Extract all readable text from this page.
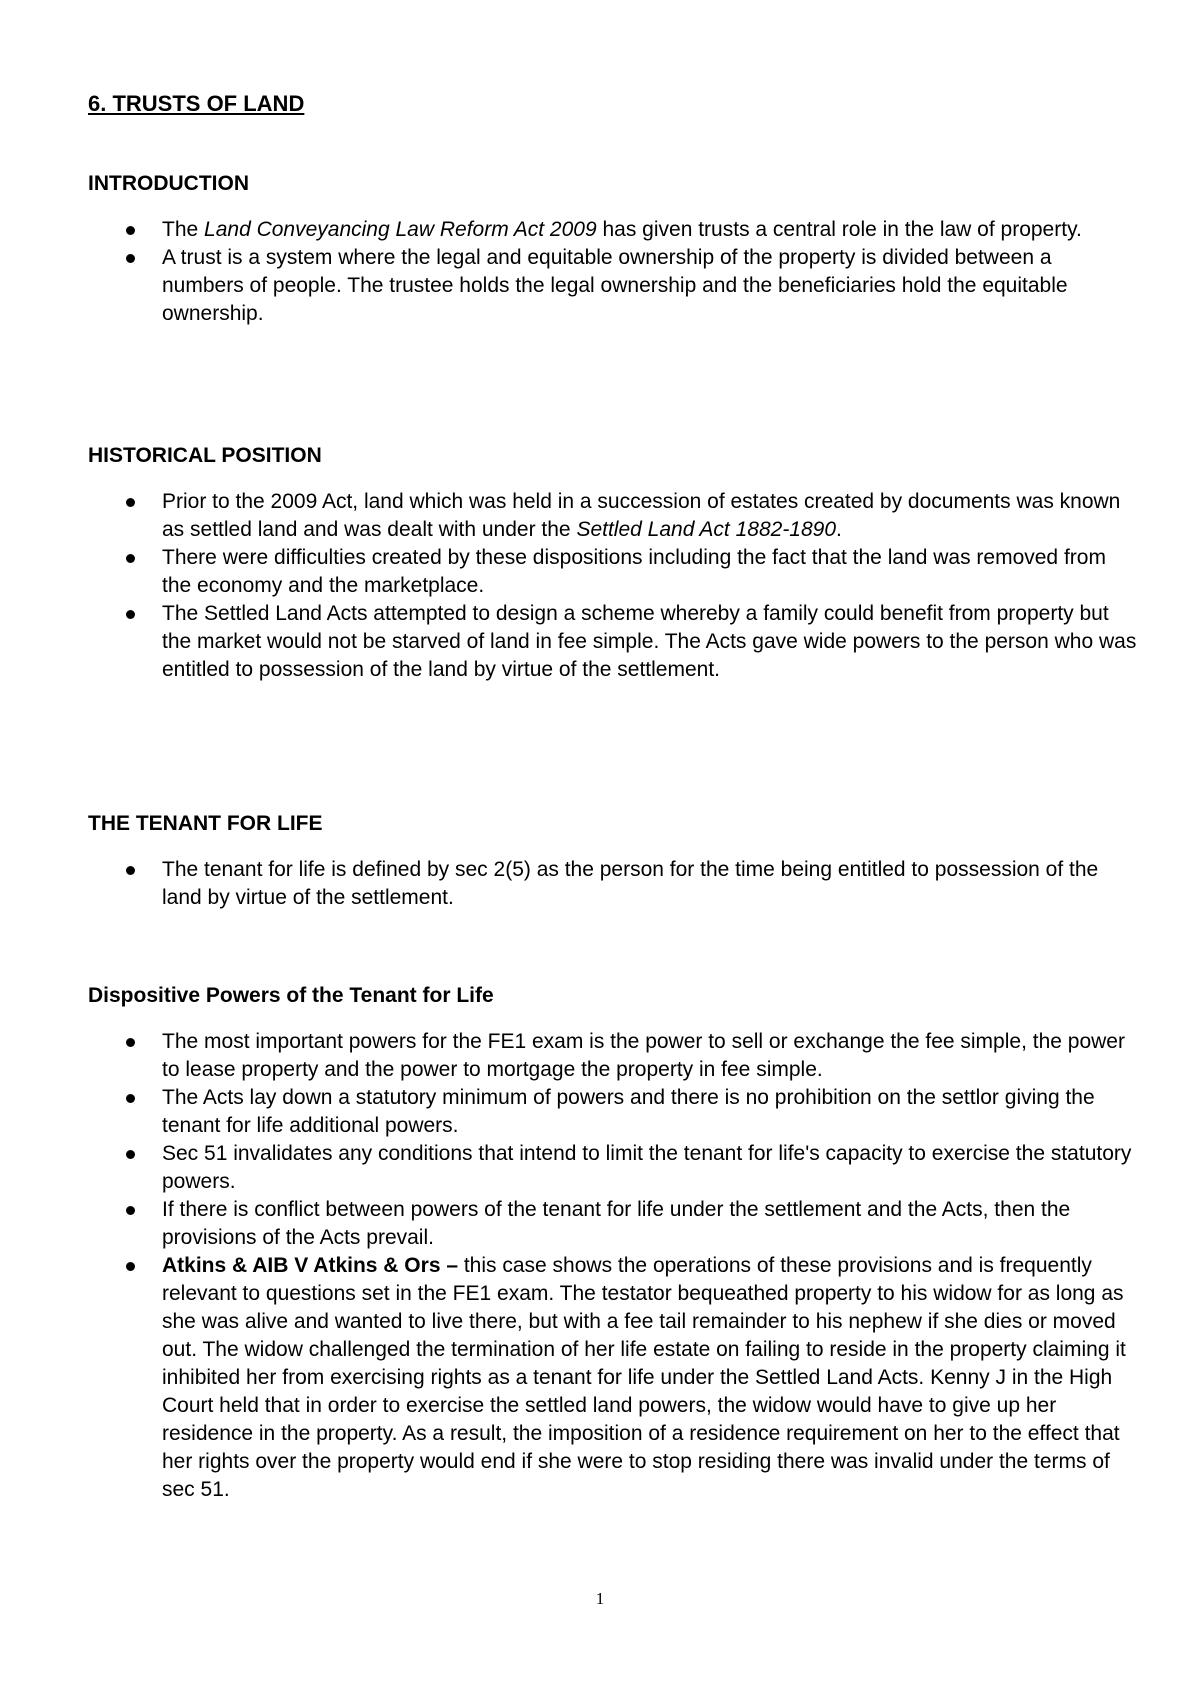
6. TRUSTS OF LAND
INTRODUCTION
The Land Conveyancing Law Reform Act 2009 has given trusts a central role in the law of property.
A trust is a system where the legal and equitable ownership of the property is divided between a numbers of people. The trustee holds the legal ownership and the beneficiaries hold the equitable ownership.
HISTORICAL POSITION
Prior to the 2009 Act, land which was held in a succession of estates created by documents was known as settled land and was dealt with under the Settled Land Act 1882-1890.
There were difficulties created by these dispositions including the fact that the land was removed from the economy and the marketplace.
The Settled Land Acts attempted to design a scheme whereby a family could benefit from property but the market would not be starved of land in fee simple. The Acts gave wide powers to the person who was entitled to possession of the land by virtue of the settlement.
THE TENANT FOR LIFE
The tenant for life is defined by sec 2(5) as the person for the time being entitled to possession of the land by virtue of the settlement.
Dispositive Powers of the Tenant for Life
The most important powers for the FE1 exam is the power to sell or exchange the fee simple, the power to lease property and the power to mortgage the property in fee simple.
The Acts lay down a statutory minimum of powers and there is no prohibition on the settlor giving the tenant for life additional powers.
Sec 51 invalidates any conditions that intend to limit the tenant for life's capacity to exercise the statutory powers.
If there is conflict between powers of the tenant for life under the settlement and the Acts, then the provisions of the Acts prevail.
Atkins & AIB V Atkins & Ors – this case shows the operations of these provisions and is frequently relevant to questions set in the FE1 exam. The testator bequeathed property to his widow for as long as she was alive and wanted to live there, but with a fee tail remainder to his nephew if she dies or moved out. The widow challenged the termination of her life estate on failing to reside in the property claiming it inhibited her from exercising rights as a tenant for life under the Settled Land Acts. Kenny J in the High Court held that in order to exercise the settled land powers, the widow would have to give up her residence in the property. As a result, the imposition of a residence requirement on her to the effect that her rights over the property would end if she were to stop residing there was invalid under the terms of sec 51.
1
